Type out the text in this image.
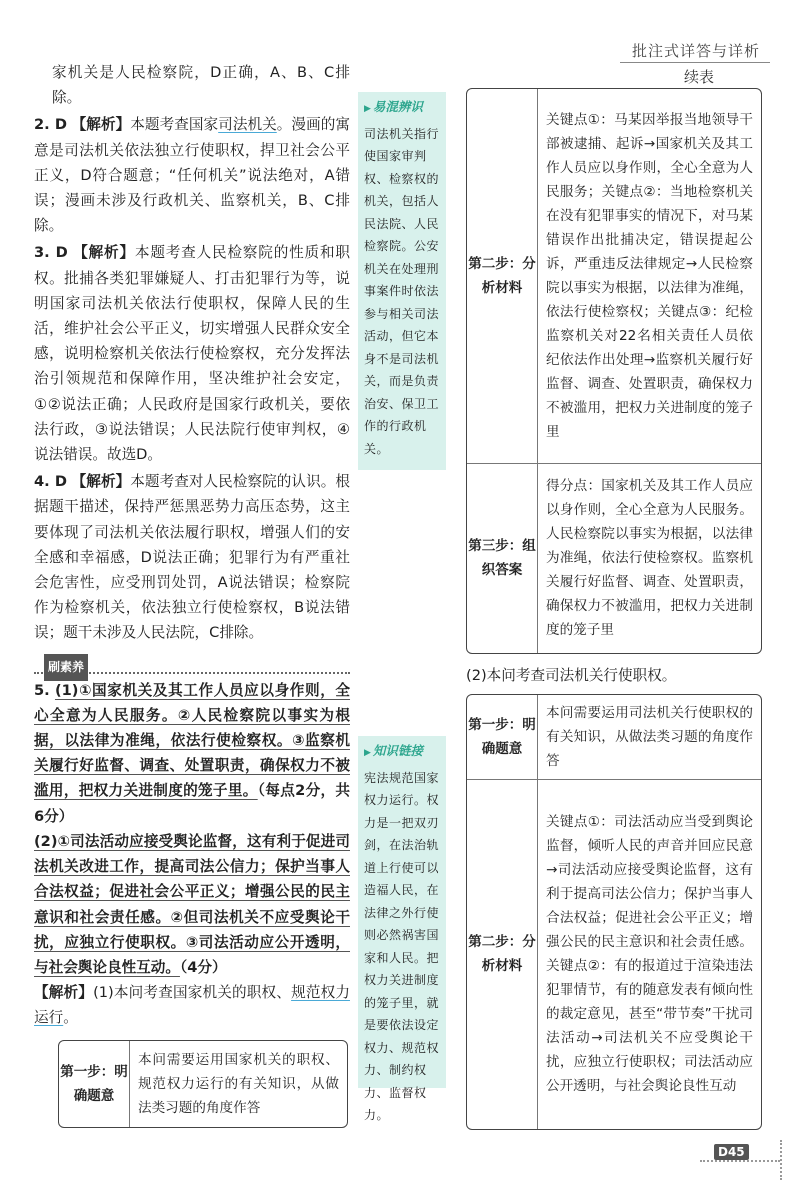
批注式详答与详析
续表

家机关是人民检察院，D正确，A、B、C排除。

2. D 【解析】本题考查国家司法机关。漫画的寓意是司法机关依法独立行使职权，捍卫社会公平正义，D符合题意；“任何机关”说法绝对，A错误；漫画未涉及行政机关、监察机关，B、C排除。

3. D 【解析】本题考查人民检察院的性质和职权。批捕各类犯罪嫌疑人、打击犯罪行为等，说明国家司法机关依法行使职权，保障人民的生活，维护社会公平正义，切实增强人民群众安全感，说明检察机关依法行使检察权，充分发挥法治引领规范和保障作用，坚决维护社会安定，①②说法正确；人民政府是国家行政机关，要依法行政，③说法错误；人民法院行使审判权，④说法错误。故选D。

4. D 【解析】本题考查对人民检察院的认识。根据题干描述，保持严惩黑恶势力高压态势，这主要体现了司法机关依法履行职权，增强人们的安全感和幸福感，D说法正确；犯罪行为有严重社会危害性，应受刑罚处罚，A说法错误；检察院作为检察机关，依法独立行使检察权，B说法错误；题干未涉及人民法院，C排除。

刷素养

5. (1)①国家机关及其工作人员应以身作则，全心全意为人民服务。②人民检察院以事实为根据，以法律为准绳，依法行使检察权。③监察机关履行好监督、调查、处置职责，确保权力不被滥用，把权力关进制度的笼子里。（每点2分，共6分）

(2)①司法活动应接受舆论监督，这有利于促进司法机关改进工作，提高司法公信力；保护当事人合法权益；促进社会公平正义；增强公民的民主意识和社会责任感。②但司法机关不应受舆论干扰，应独立行使职权。③司法活动应公开透明，与社会舆论良性互动。（4分）

【解析】(1)本问考查国家机关的职权、规范权力运行。

▶ 易混辨识
司法机关指行使国家审判权、检察权的机关，包括人民法院、人民检察院。公安机关在处理刑事案件时依法参与相关司法活动，但它本身不是司法机关，而是负责治安、保卫工作的行政机关。
▶ 知识链接
宪法规范国家权力运行。权力是一把双刃剑，在法治轨道上行使可以造福人民，在法律之外行使则必然祸害国家和人民。把权力关进制度的笼子里，就是要依法设定权力、规范权力、制约权力、监督权力。
第一步：明确题意	本问需要运用国家机关的职权、规范权力运行的有关知识，从做法类习题的角度作答
第二步：分析材料	关键点①：马某因举报当地领导干部被逮捕、起诉→国家机关及其工作人员应以身作则，全心全意为人民服务；关键点②：当地检察机关在没有犯罪事实的情况下，对马某错误作出批捕决定，错误提起公诉，严重违反法律规定→人民检察院以事实为根据，以法律为准绳，依法行使检察权；关键点③：纪检监察机关对22名相关责任人员依纪依法作出处理→监察机关履行好监督、调查、处置职责，确保权力不被滥用，把权力关进制度的笼子里
第三步：组织答案	得分点：国家机关及其工作人员应以身作则，全心全意为人民服务。人民检察院以事实为根据，以法律为准绳，依法行使检察权。监察机关履行好监督、调查、处置职责，确保权力不被滥用，把权力关进制度的笼子里
(2)本问考查司法机关行使职权。
第一步：明确题意	本问需要运用司法机关行使职权的有关知识，从做法类习题的角度作答
第二步：分析材料	关键点①：司法活动应当受到舆论监督，倾听人民的声音并回应民意→司法活动应接受舆论监督，这有利于提高司法公信力；保护当事人合法权益；促进社会公平正义；增强公民的民主意识和社会责任感。关键点②：有的报道过于渲染违法犯罪情节，有的随意发表有倾向性的裁定意见，甚至“带节奏”干扰司法活动→司法机关不应受舆论干扰，应独立行使职权；司法活动应公开透明，与社会舆论良性互动
D45
